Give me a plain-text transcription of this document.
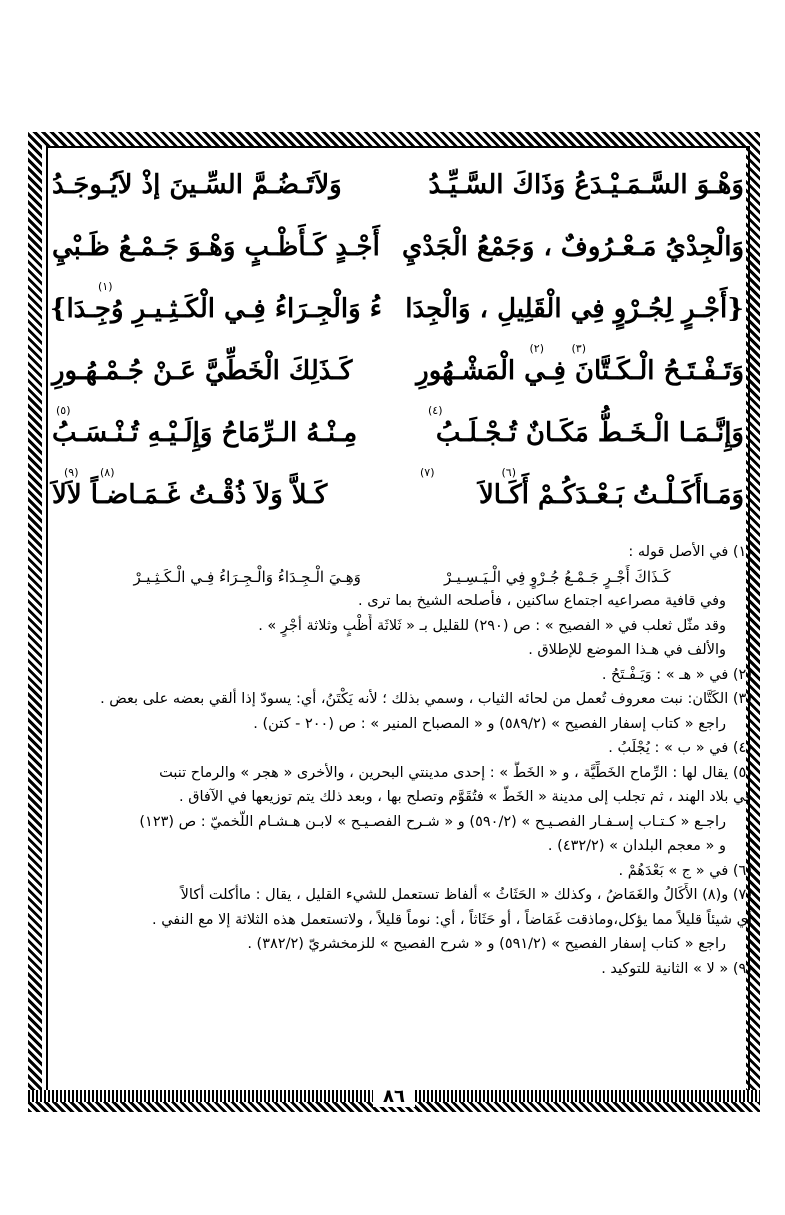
وَهْـوَ السَّـمَـيْـدَعُ وَذَاكَ السَّـيِّـدُ
وَلاَتَـضُـمَّ السِّـينَ إذْ لاَيُـوجَـدُ
وَالْجِدْيُ مَـعْـرُوفٌ ، وَجَمْعُ الْجَدْيِ
أَجْـدٍ كَـأَظْـبٍ وَهْـوَ جَـمْـعُ ظَـبْيِ
{أَجْـرٍ لِجُـرْوٍ فِي الْقَلِيلِ ، وَالْجِدَا
ءُ وَالْجِـرَاءُ فِـي الْكَـثِـيـرِ وُجِـدَا}
(١)
وَتَـفْـتَـحُ الْـكَـتَّانَ فِـي الْمَشْـهُورِ
(٢) (٣)
كَـذَلِكَ الْخَطِّيَّ عَـنْ جُـمْـهُـورِ
وَإِنَّـمَـا الْـخَـطُّ مَكَـانٌ تُـجْـلَـبُ
(٤)
مِـنْـهُ الـرِّمَاحُ وَإِلَـيْـهِ تُـنْـسَـبُ
(٥)
وَمَـاأَكَـلْـتُ بَـعْـدَكُـمْ أَكَـالاَ
(٦)
(٧)
كَـلاَّ وَلاَ ذُقْـتُ غَـمَـاضـاً لاَلاَ
(٨)
(٩)
(١) في الأصل قوله :
كَـذَاكَ أَجْـرٍ جَـمْـعُ جُـرْوٍ فِي الْـيَـسِـيـرْ
وَهِـيَ الْـجِـدَاءُ وَالْـجِـرَاءُ فِـي الْـكَـثِـيـرْ
وفي قافية مصراعيه اجتماع ساكنين ، فأصلحه الشيخ بما ترى .
وقد مثّل ثعلب في « الفصيح » : ص (٢٩٠) للقليل بـ « ثَلاثَة أَظْبٍ وثلاثة أجْرٍ » .
والألف في هـذا الموضع للإطلاق .
(٢) في « هـ » : وَيَـفْـتَحُ .
(٣) الكَتَّان: نبت معروف تُعمل من لحائه الثياب ، وسمي بذلك ؛ لأنه يَكْتَنُ، أي: يسودّ إذا ألقي بعضه على بعض .
راجع « كتاب إسفار الفصيح » (٥٨٩/٢) و « المصباح المنير » : ص (٢٠٠ - كتن) .
(٤) في « ب » : يُجْلَبُ .
(٥) يقال لها : الرِّماح الخَطِّيَّة ، و « الخَطُّ » : إحدى مدينتي البحرين ، والأخرى « هجر » والرماح تنبت
في بلاد الهند ، ثم تجلب إلى مدينة « الخَطّ » فتُقَوَّم وتصلح بها ، وبعد ذلك يتم توزيعها في الآفاق .
راجـع « كـتـاب إسـفـار الفصـيـح » (٥٩٠/٢) و « شـرح الفصـيـح » لابـن هـشـام اللَّخميّ : ص (١٢٣)
و « معجم البلدان » (٤٣٢/٢) .
(٦) في « ج » بَعْدَهُمْ .
(٧) و(٨) الأَكَالُ والغَمَاضُ ، وكذلك « الحَثَاثُ » ألفاظ تستعمل للشيء القليل ، يقال : ماأكلت أكالاً
أي شيئاً قليلاً مما يؤكل،وماذقت غَمَاضاً ، أو حَثَاثاً ، أي: نوماً قليلاً ، ولاتستعمل هذه الثلاثة إلا مع النفي .
راجع « كتاب إسفار الفصيح » (٥٩١/٢) و « شرح الفصيح » للزمخشريّ (٣٨٢/٢) .
(٩) « لا » الثانية للتوكيد .
٨٦
